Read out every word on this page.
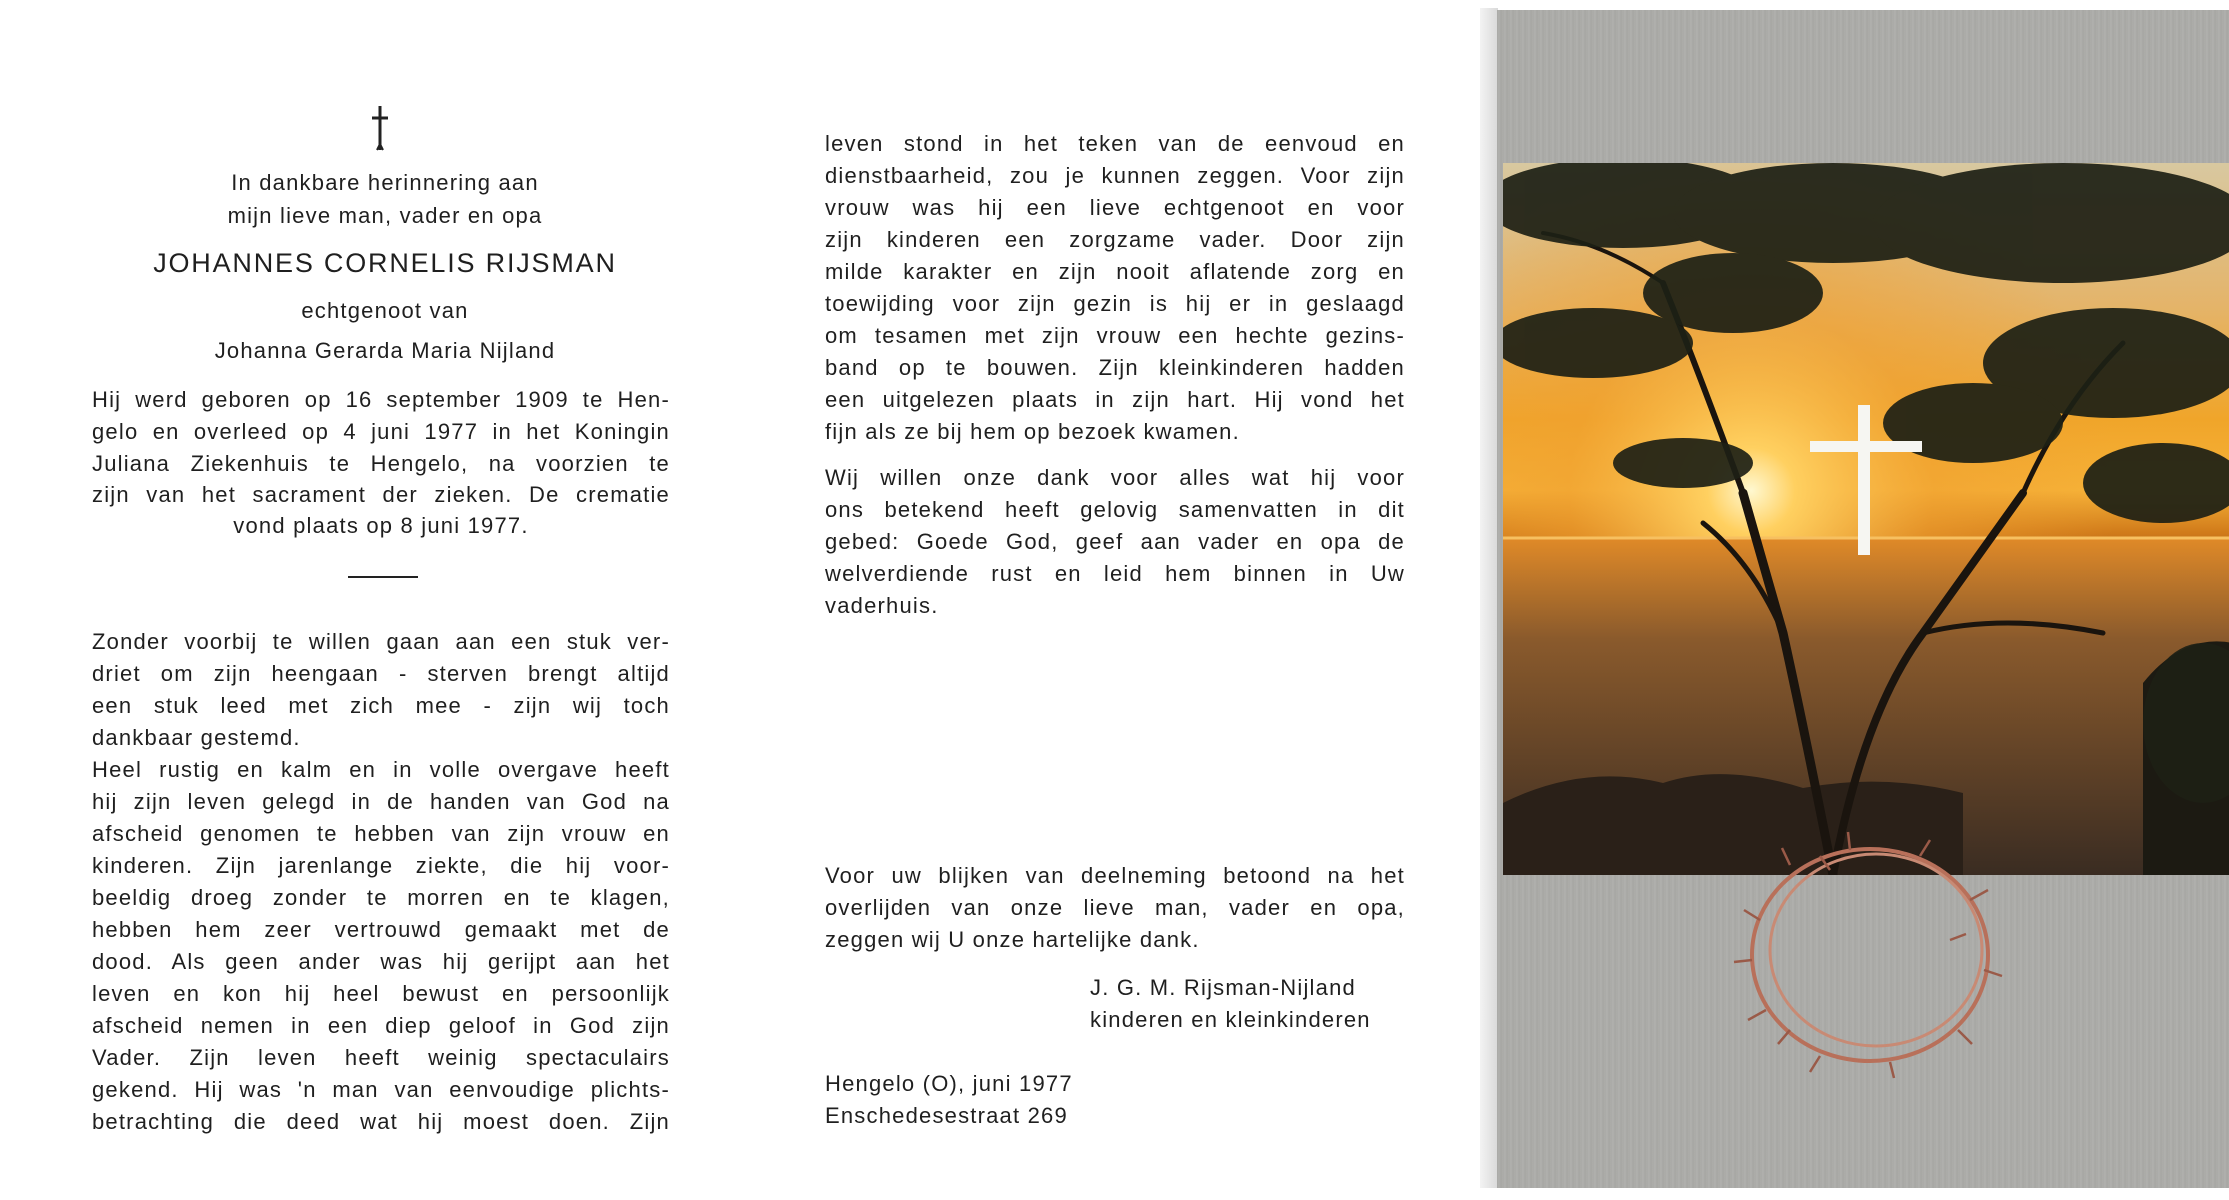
In dankbare herinnering aan
mijn lieve man, vader en opa
JOHANNES CORNELIS RIJSMAN
echtgenoot van
Johanna Gerarda Maria Nijland
Hij werd geboren op 16 september 1909 te Hen-
gelo en overleed op 4 juni 1977 in het Koningin
Juliana Ziekenhuis te Hengelo, na voorzien te
zijn van het sacrament der zieken. De crematie
vond plaats op 8 juni 1977.
Zonder voorbij te willen gaan aan een stuk ver-
driet om zijn heengaan - sterven brengt altijd
een stuk leed met zich mee - zijn wij toch
dankbaar gestemd.
Heel rustig en kalm en in volle overgave heeft
hij zijn leven gelegd in de handen van God na
afscheid genomen te hebben van zijn vrouw en
kinderen. Zijn jarenlange ziekte, die hij voor-
beeldig droeg zonder te morren en te klagen,
hebben hem zeer vertrouwd gemaakt met de
dood. Als geen ander was hij gerijpt aan het
leven en kon hij heel bewust en persoonlijk
afscheid nemen in een diep geloof in God zijn
Vader. Zijn leven heeft weinig spectaculairs
gekend. Hij was 'n man van eenvoudige plichts-
betrachting die deed wat hij moest doen. Zijn
leven stond in het teken van de eenvoud en
dienstbaarheid, zou je kunnen zeggen. Voor zijn
vrouw was hij een lieve echtgenoot en voor
zijn kinderen een zorgzame vader. Door zijn
milde karakter en zijn nooit aflatende zorg en
toewijding voor zijn gezin is hij er in geslaagd
om tesamen met zijn vrouw een hechte gezins-
band op te bouwen. Zijn kleinkinderen hadden
een uitgelezen plaats in zijn hart. Hij vond het
fijn als ze bij hem op bezoek kwamen.
Wij willen onze dank voor alles wat hij voor
ons betekend heeft gelovig samenvatten in dit
gebed: Goede God, geef aan vader en opa de
welverdiende rust en leid hem binnen in Uw
vaderhuis.
Voor uw blijken van deelneming betoond na het
overlijden van onze lieve man, vader en opa,
zeggen wij U onze hartelijke dank.
J. G. M. Rijsman-Nijland
kinderen en kleinkinderen
Hengelo (O), juni 1977
Enschedesestraat 269
